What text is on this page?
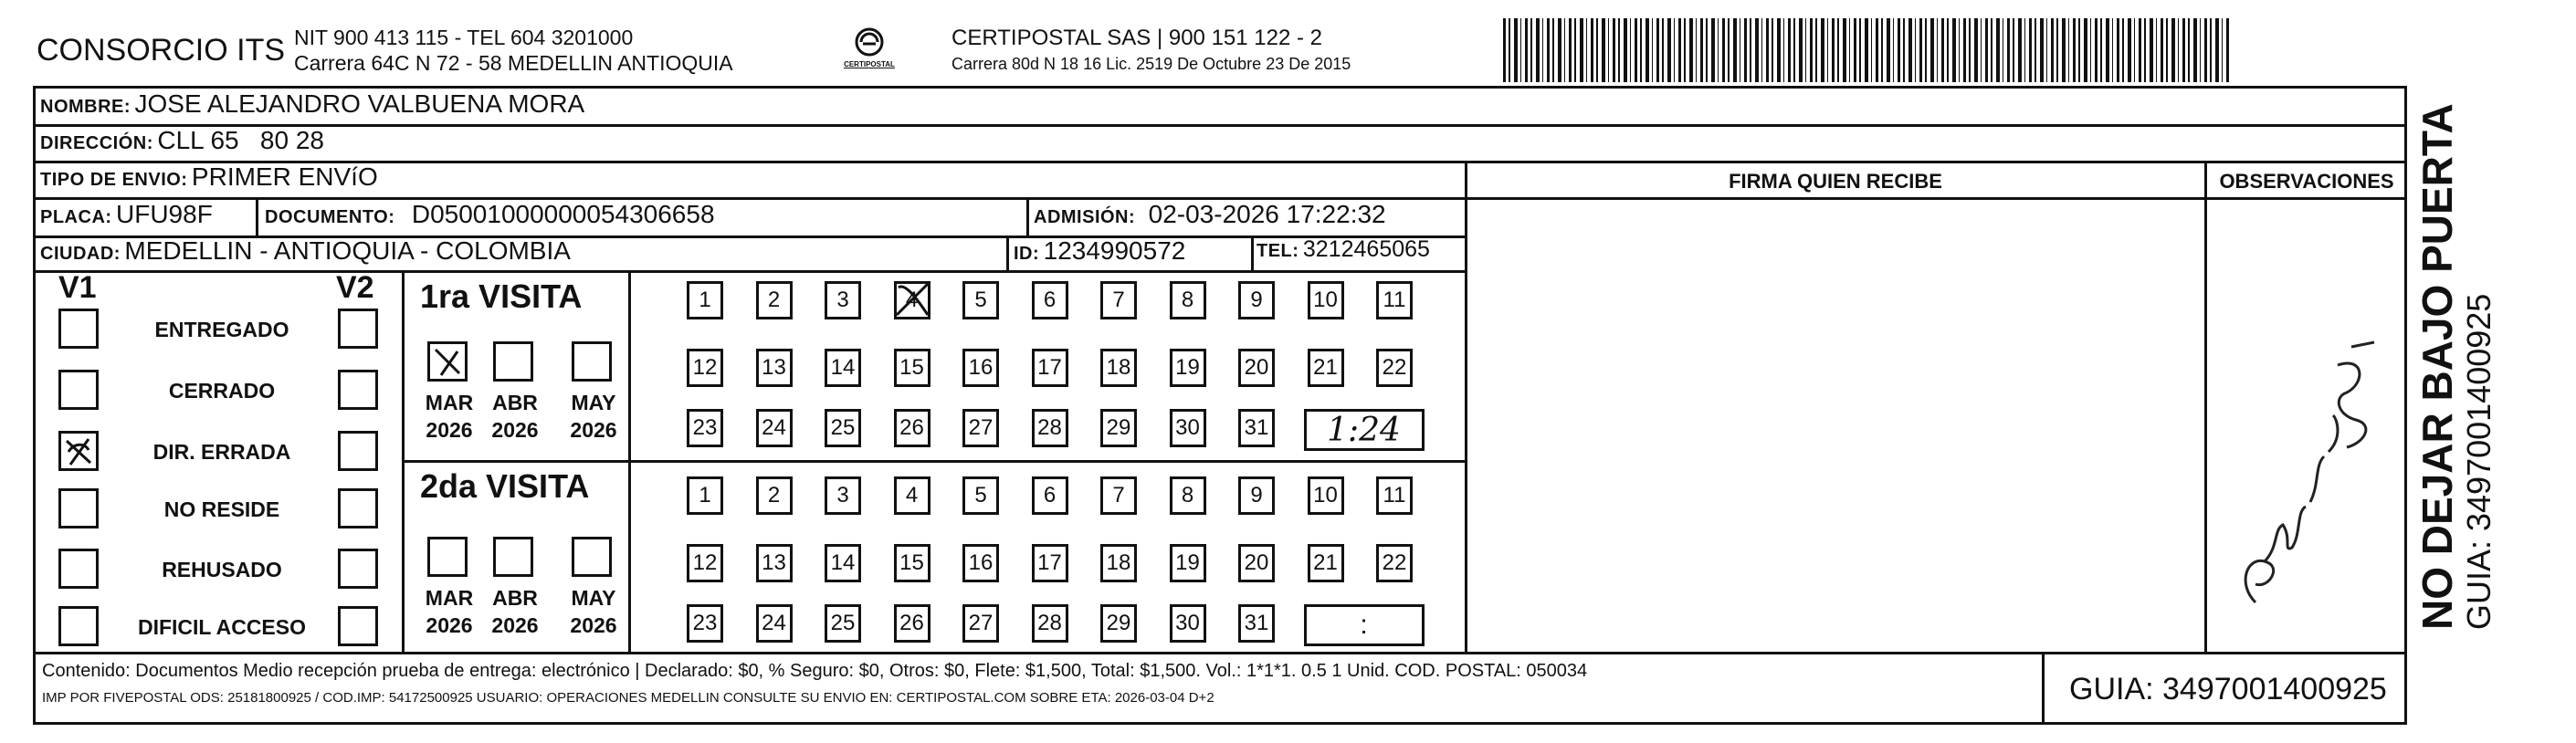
CONSORCIO ITS NIT 900 413 115 - TEL 604 3201000
Carrera 64C N 72 - 58 MEDELLIN ANTIOQUIA	CERTIPOSTAL
CERTIPOSTAL SAS | 900 151 122 - 2
Carrera 80d N 18 16 Lic. 2519 De Octubre 23 De 2015
NOMBRE: JOSE ALEJANDRO VALBUENA MORA
DIRECCIÓN: CLL 65   80 28
TIPO DE ENVIO: PRIMER ENVíO	FIRMA QUIEN RECIBE	OBSERVACIONES
PLACA: UFU98F	DOCUMENTO: D05001000000054306658	ADMISIÓN: 02-03-2026 17:22:32
CIUDAD: MEDELLIN - ANTIOQUIA - COLOMBIA	ID: 1234990572	TEL: 3212465065
V1	V2
ENTREGADO
CERRADO
DIR. ERRADA
NO RESIDE
REHUSADO
DIFICIL ACCESO
1ra VISITA
2da VISITA
MAR
2026
ABR
2026
MAY
2026
MAR
2026
ABR
2026
MAY
2026
1	2	3	4	5	6	7	8	9 10 11
12 13 14 15 16 17 18 19 20 21 22
23 24 25 26 27 28 29 30 31 1:24
1	2	3	4	5	6	7	8	9 10 11
12 13 14 15 16 17 18 19 20 21 22
23 24 25 26 27 28 29 30 31	:
Contenido: Documentos Medio recepción prueba de entrega: electrónico | Declarado: $0, % Seguro: $0, Otros: $0, Flete: $1,500, Total: $1,500. Vol.: 1*1*1. 0.5 1 Unid. COD. POSTAL: 050034
IMP POR FIVEPOSTAL ODS: 25181800925 / COD.IMP: 54172500925 USUARIO: OPERACIONES MEDELLIN CONSULTE SU ENVIO EN: CERTIPOSTAL.COM SOBRE ETA: 2026-03-04 D+2	GUIA: 3497001400925
NO DEJAR BAJO PUERTA GUIA: 3497001400925
